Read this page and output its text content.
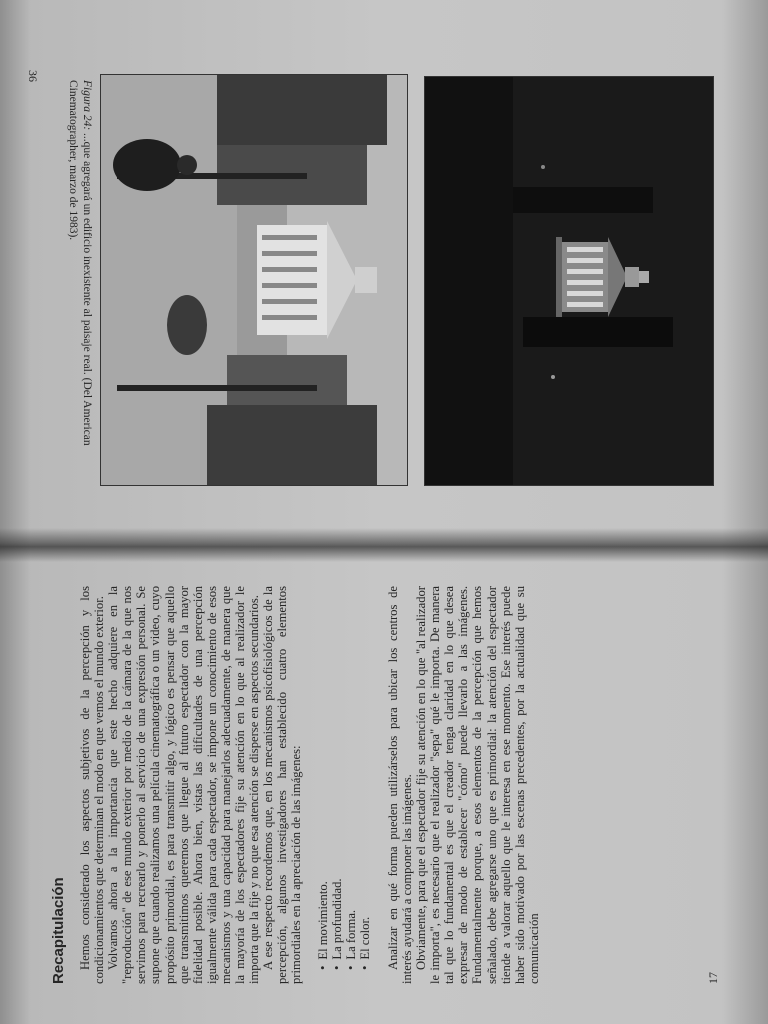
Figura 24: ...que agregará un edificio inexistente al paisaje real. (Del American Cinematographer, marzo de 1983).
36
Recapitulación Hemos considerado los aspectos subjetivos de la percepción y los condicionamientos que determinan el modo en que vemos el mundo exterior. Volvamos ahora a la importancia que este hecho adquiere en la "reproducción" de ese mundo exterior por medio de la cámara de la que nos servimos para recrearlo y ponerlo al servicio de una expresión personal. Se supone que cuando realizamos una película cinematográfica o un video, cuyo propósito primordial, es para transmitir algo, y lógico es pensar que aquello que transmitimos queremos que llegue al futuro espectador con la mayor fidelidad posible. Ahora bien, vistas las dificultades de una percepción igualmente válida para cada espectador, se impone un conocimiento de esos mecanismos y una capacidad para manejarlos adecuadamente, de manera que la mayoría de los espectadores fije su atención en lo que al realizador le importa que la fije y no que esa atención se disperse en aspectos secundarios. A ese respecto recordemos que, en los mecanismos psicofisiológicos de la percepción, algunos investigadores han establecido cuatro elementos primordiales en la apreciación de las imágenes: • El movimiento. • La profundidad. • La forma. • El color. Analizar en qué forma pueden utilizárselos para ubicar los centros de interés ayudará a componer las imágenes. Obviamente, para que el espectador fije su atención en lo que "al realizador le importa", es necesario que el realizador "sepa" qué le importa. De manera tal que lo fundamental es que el creador tenga claridad en lo que desea expresar de modo de establecer "cómo" puede llevarlo a las imágenes. Fundamentalmente porque, a esos elementos de la percepción que hemos señalado, debe agregarse uno que es primordial: la atención del espectador tiende a valorar aquello que le interesa en ese momento. Ese interés puede haber sido motivado por las escenas precedentes, por la actualidad que su comunicación	17
